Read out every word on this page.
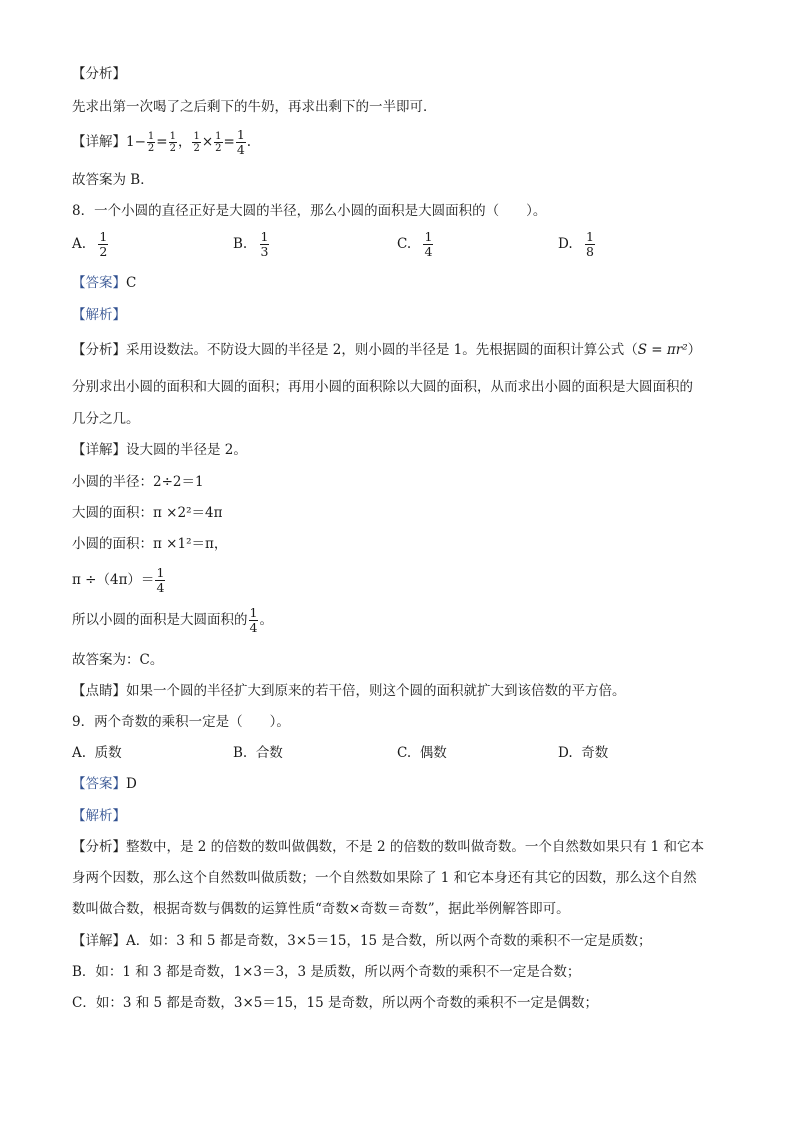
【分析】
先求出第一次喝了之后剩下的牛奶，再求出剩下的一半即可．
【详解】$1- \frac{1}{2} = \frac{1}{2}$ ， $\frac{1}{2} \times \frac{1}{2} = \frac{1}{4}$ .
故答案为 B．
8．一个小圆的直径正好是大圆的半径，那么小圆的面积是大圆面积的（　　）。
A. $\frac{1}{2}$	B. $\frac{1}{3}$	C. $\frac{1}{4}$	D. $\frac{1}{8}$
【答案】C
【解析】
【分析】采用设数法。不防设大圆的半径是 2，则小圆的半径是 1。先根据圆的面积计算公式（S = πr²）
分别求出小圆的面积和大圆的面积；再用小圆的面积除以大圆的面积，从而求出小圆的面积是大圆面积的
几分之几。
【详解】设大圆的半径是 2。
小圆的半径：2÷2＝1
大圆的面积：π ×2²＝4π
小圆的面积：π ×1²＝π，
$\pi \div(4\pi)= \frac{1}{4}$
所以小圆的面积是大圆面积的 $\frac{1}{4}$ 。
故答案为：C。
【点睛】如果一个圆的半径扩大到原来的若干倍，则这个圆的面积就扩大到该倍数的平方倍。
9．两个奇数的乘积一定是（　　）。
A. 质数	B. 合数	C. 偶数	D. 奇数
【答案】D
【解析】
【分析】整数中，是 2 的倍数的数叫做偶数，不是 2 的倍数的数叫做奇数。一个自然数如果只有 1 和它本
身两个因数，那么这个自然数叫做质数；一个自然数如果除了 1 和它本身还有其它的因数，那么这个自然
数叫做合数，根据奇数与偶数的运算性质“奇数×奇数＝奇数”，据此举例解答即可。
【详解】A．如：3 和 5 都是奇数，3×5＝15，15 是合数，所以两个奇数的乘积不一定是质数；
B．如：1 和 3 都是奇数，1×3＝3，3 是质数，所以两个奇数的乘积不一定是合数；
C．如：3 和 5 都是奇数，3×5＝15，15 是奇数，所以两个奇数的乘积不一定是偶数；
